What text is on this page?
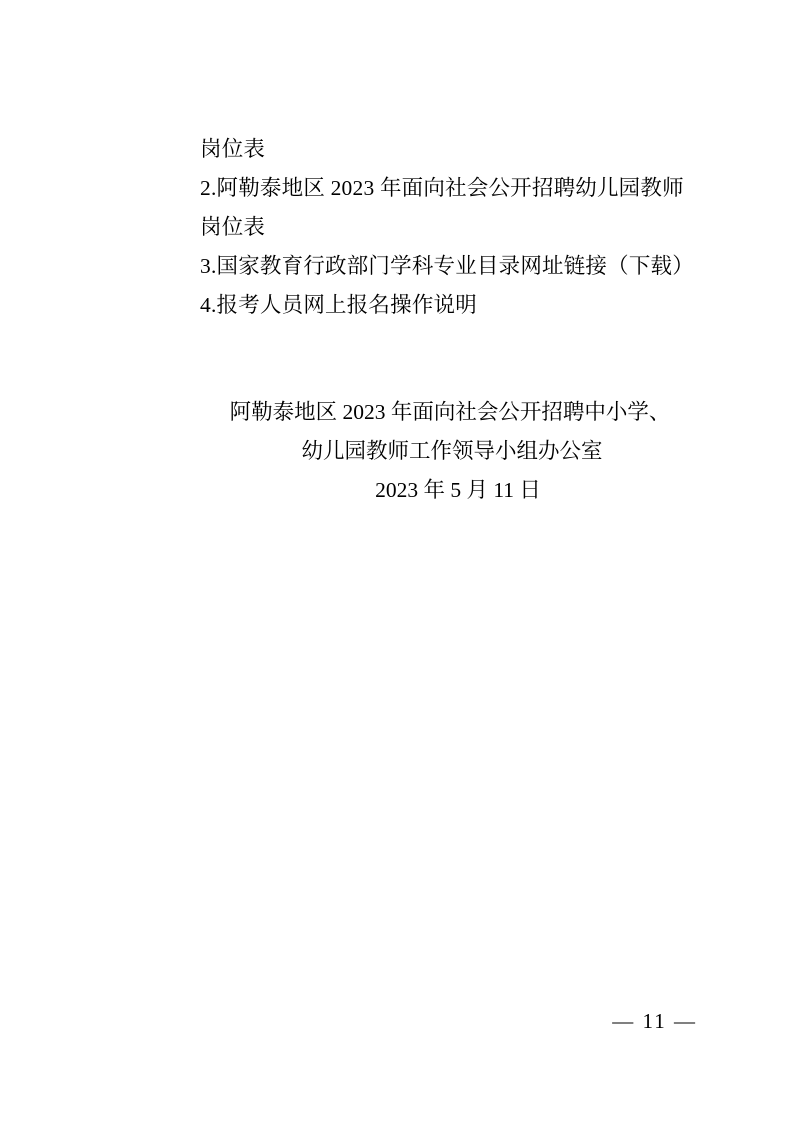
岗位表
2.阿勒泰地区 2023 年面向社会公开招聘幼儿园教师
岗位表
3.国家教育行政部门学科专业目录网址链接（下载）
4.报考人员网上报名操作说明
阿勒泰地区 2023 年面向社会公开招聘中小学、
幼儿园教师工作领导小组办公室
2023 年 5 月 11 日
— 11 —
